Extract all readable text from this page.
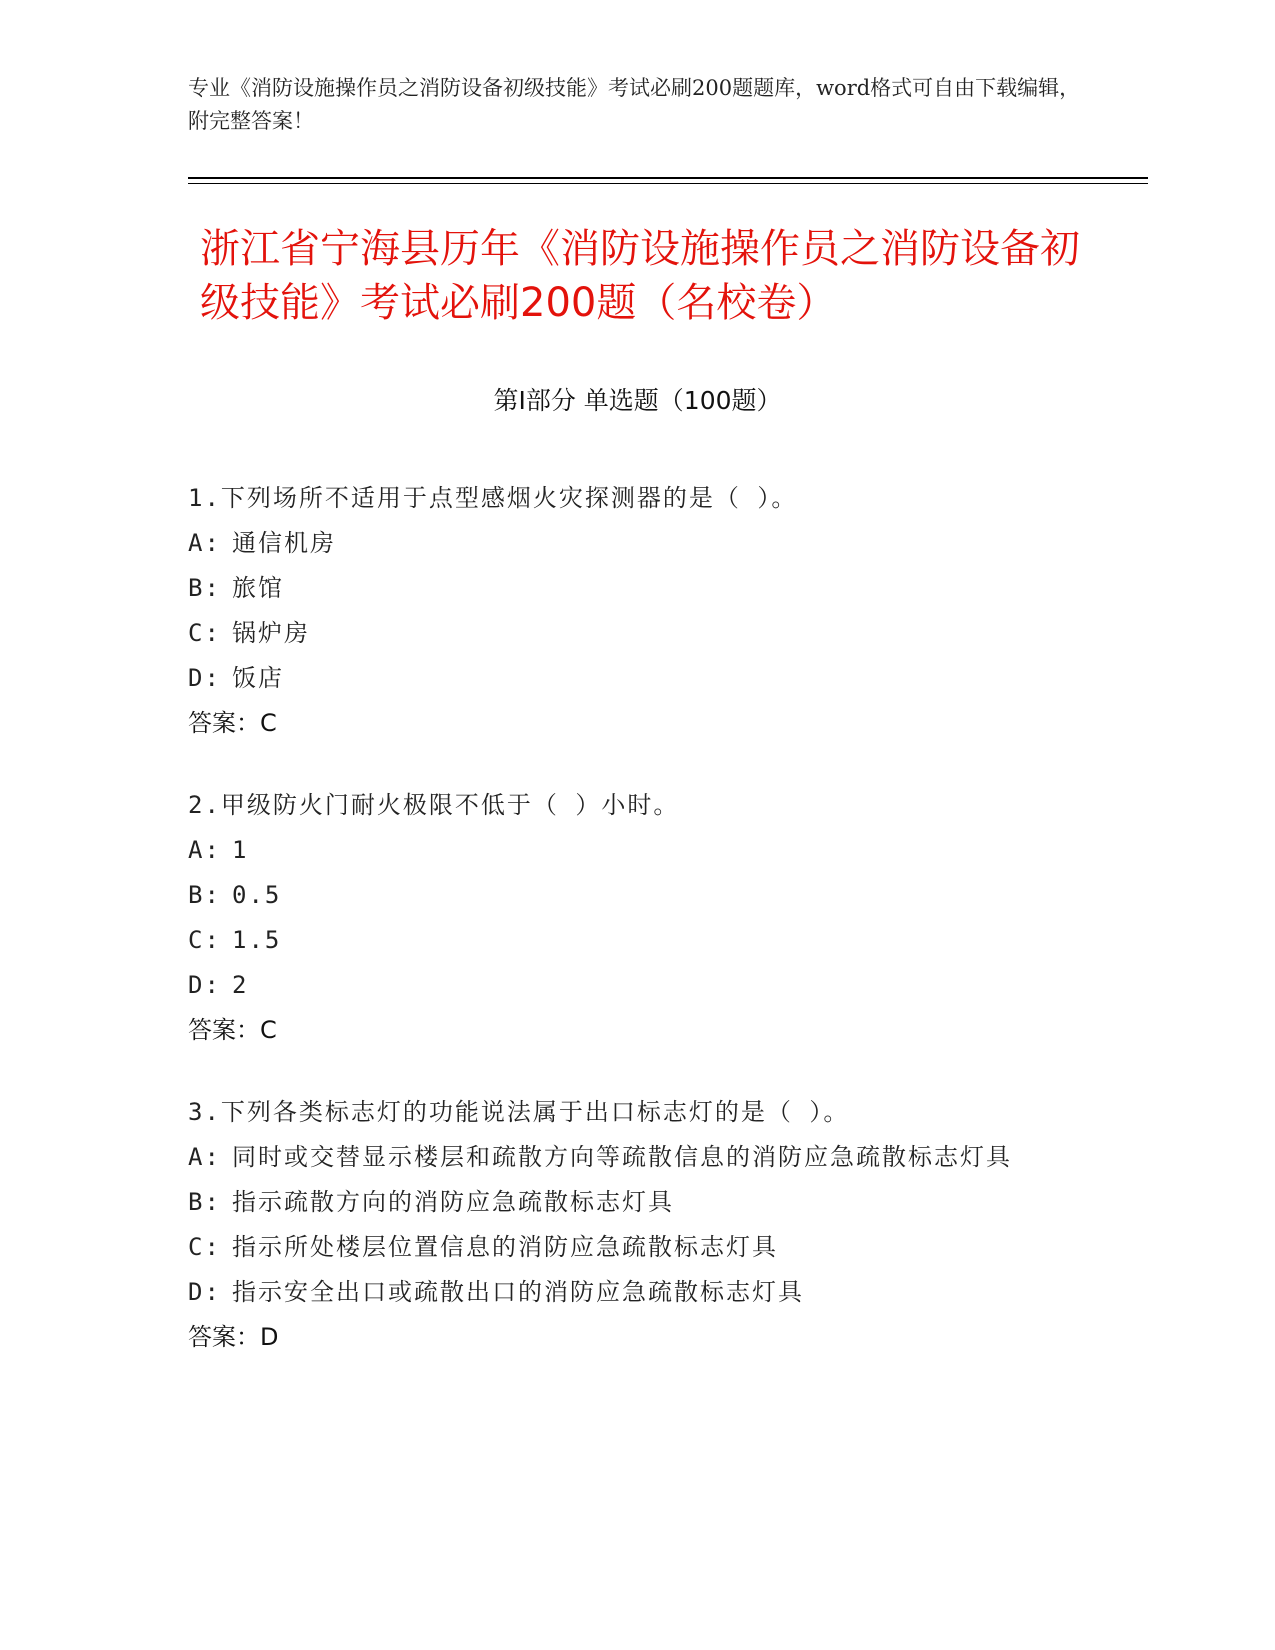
专业《消防设施操作员之消防设备初级技能》考试必刷200题题库，word格式可自由下载编辑，附完整答案！
浙江省宁海县历年《消防设施操作员之消防设备初级技能》考试必刷200题（名校卷）
第Ⅰ部分 单选题（100题）
1.下列场所不适用于点型感烟火灾探测器的是（ ）。
A: 通信机房
B: 旅馆
C: 锅炉房
D: 饭店
答案：C
2.甲级防火门耐火极限不低于（ ）小时。
A: 1
B: 0.5
C: 1.5
D: 2
答案：C
3.下列各类标志灯的功能说法属于出口标志灯的是（ ）。
A: 同时或交替显示楼层和疏散方向等疏散信息的消防应急疏散标志灯具
B: 指示疏散方向的消防应急疏散标志灯具
C: 指示所处楼层位置信息的消防应急疏散标志灯具
D: 指示安全出口或疏散出口的消防应急疏散标志灯具
答案：D
